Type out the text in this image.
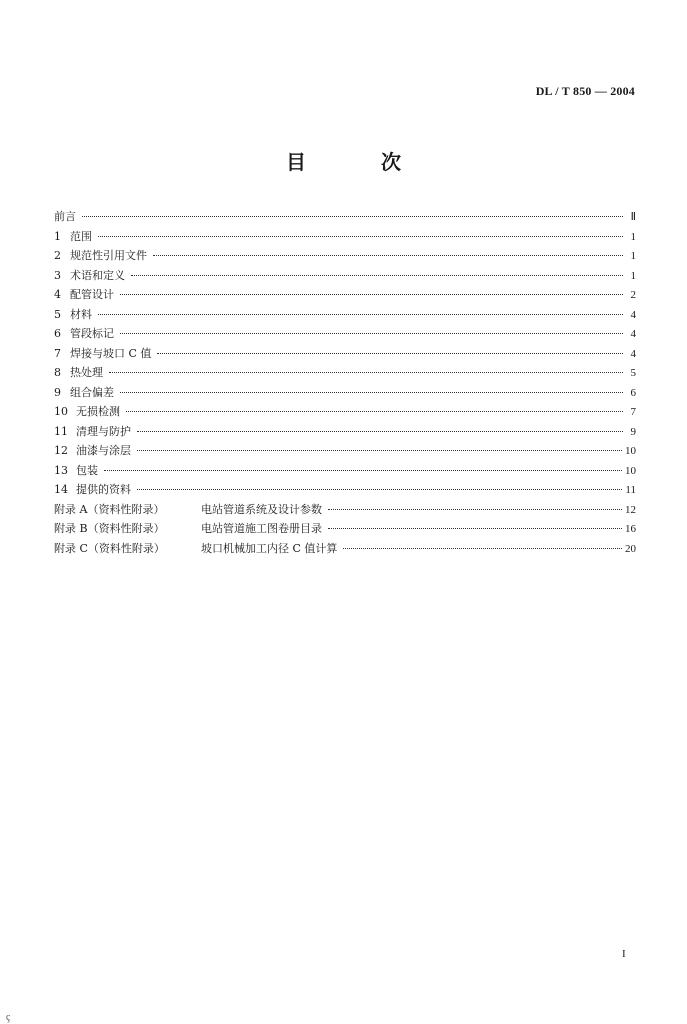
DL / T 850 — 2004
目 次
前言	Ⅱ
1 范围	1
2 规范性引用文件	1
3 术语和定义	1
4 配管设计	2
5 材料	4
6 管段标记	4
7 焊接与坡口 C 值	4
8 热处理	5
9 组合偏差	6
10 无损检测	7
11 清理与防护	9
12 油漆与涂层	10
13 包装	10
14 提供的资料	11
附录 A（资料性附录）	电站管道系统及设计参数	12
附录 B（资料性附录）	电站管道施工图卷册目录	16
附录 C（资料性附录）	坡口机械加工内径 C 值计算	20
I
ç
